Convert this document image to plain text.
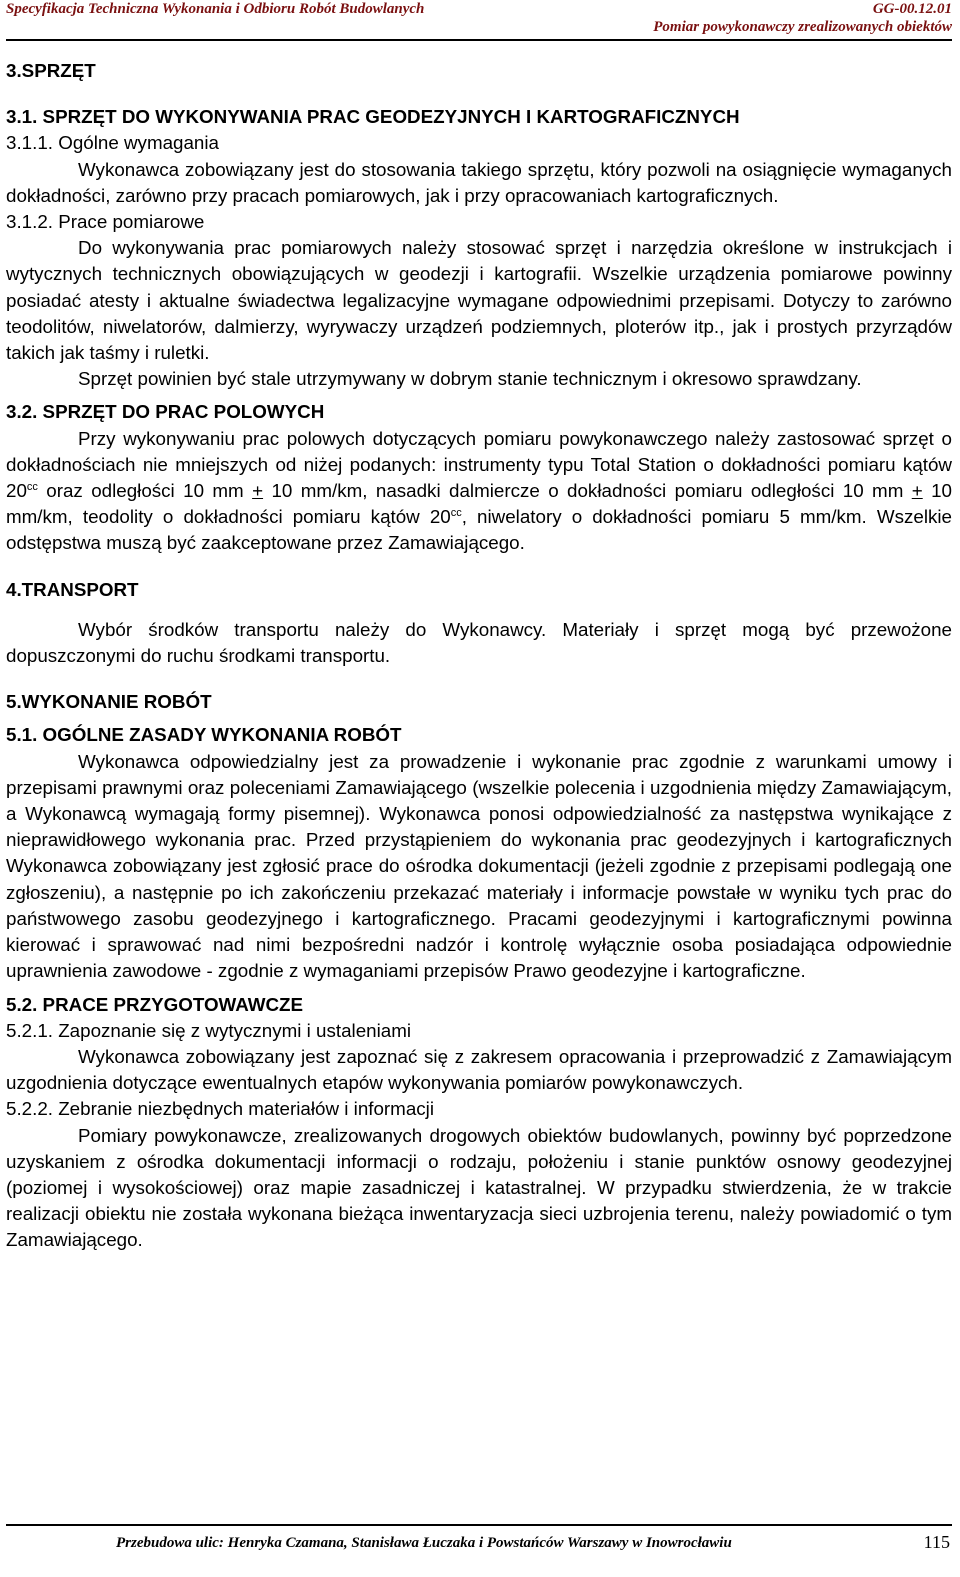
Specyfikacja Techniczna Wykonania i Odbioru Robót Budowlanych	GG-00.12.01
Pomiar powykonawczy zrealizowanych obiektów

3.SPRZĘT

3.1. SPRZĘT DO WYKONYWANIA PRAC GEODEZYJNYCH I KARTOGRAFICZNYCH

3.1.1. Ogólne wymagania

Wykonawca zobowiązany jest do stosowania takiego sprzętu, który pozwoli na osiągnięcie wymaganych dokładności, zarówno przy pracach pomiarowych, jak i przy opracowaniach kartograficznych.

3.1.2. Prace pomiarowe

Do wykonywania prac pomiarowych należy stosować sprzęt i narzędzia określone w instrukcjach i wytycznych technicznych obowiązujących w geodezji i kartografii. Wszelkie urządzenia pomiarowe powinny posiadać atesty i aktualne świadectwa legalizacyjne wymagane odpowiednimi przepisami. Dotyczy to zarówno teodolitów, niwelatorów, dalmierzy, wyrywaczy urządzeń podziemnych, ploterów itp., jak i prostych przyrządów takich jak taśmy i ruletki.

Sprzęt powinien być stale utrzymywany w dobrym stanie technicznym i okresowo sprawdzany.

3.2. SPRZĘT DO PRAC POLOWYCH

Przy wykonywaniu prac polowych dotyczących pomiaru powykonawczego należy zastosować sprzęt o dokładnościach nie mniejszych od niżej podanych: instrumenty typu Total Station o dokładności pomiaru kątów $20^{cc}$ oraz odległości 10 mm + 10 mm/km, nasadki dalmiercze o dokładności pomiaru odległości 10 mm + 10 mm/km, teodolity o dokładności pomiaru kątów $20^{cc}$, niwelatory o dokładności pomiaru 5 mm/km. Wszelkie odstępstwa muszą być zaakceptowane przez Zamawiającego.

4.TRANSPORT

Wybór środków transportu należy do Wykonawcy. Materiały i sprzęt mogą być przewożone dopuszczonymi do ruchu środkami transportu.

5.WYKONANIE ROBÓT

5.1. OGÓLNE ZASADY WYKONANIA ROBÓT

Wykonawca odpowiedzialny jest za prowadzenie i wykonanie prac zgodnie z warunkami umowy i przepisami prawnymi oraz poleceniami Zamawiającego (wszelkie polecenia i uzgodnienia między Zamawiającym, a Wykonawcą wymagają formy pisemnej). Wykonawca ponosi odpowiedzialność za następstwa wynikające z nieprawidłowego wykonania prac. Przed przystąpieniem do wykonania prac geodezyjnych i kartograficznych Wykonawca zobowiązany jest zgłosić prace do ośrodka dokumentacji (jeżeli zgodnie z przepisami podlegają one zgłoszeniu), a następnie po ich zakończeniu przekazać materiały i informacje powstałe w wyniku tych prac do państwowego zasobu geodezyjnego i kartograficznego. Pracami geodezyjnymi i kartograficznymi powinna kierować i sprawować nad nimi bezpośredni nadzór i kontrolę wyłącznie osoba posiadająca odpowiednie uprawnienia zawodowe - zgodnie z wymaganiami przepisów Prawo geodezyjne i kartograficzne.

5.2. PRACE PRZYGOTOWAWCZE

5.2.1. Zapoznanie się z wytycznymi i ustaleniami

Wykonawca zobowiązany jest zapoznać się z zakresem opracowania i przeprowadzić z Zamawiającym uzgodnienia dotyczące ewentualnych etapów wykonywania pomiarów powykonawczych.

5.2.2. Zebranie niezbędnych materiałów i informacji

Pomiary powykonawcze, zrealizowanych drogowych obiektów budowlanych, powinny być poprzedzone uzyskaniem z ośrodka dokumentacji informacji o rodzaju, położeniu i stanie punktów osnowy geodezyjnej (poziomej i wysokościowej) oraz mapie zasadniczej i katastralnej. W przypadku stwierdzenia, że w trakcie realizacji obiektu nie została wykonana bieżąca inwentaryzacja sieci uzbrojenia terenu, należy powiadomić o tym Zamawiającego.

Przebudowa ulic: Henryka Czamana, Stanisława Łuczaka i Powstańców Warszawy w Inowrocławiu	115
